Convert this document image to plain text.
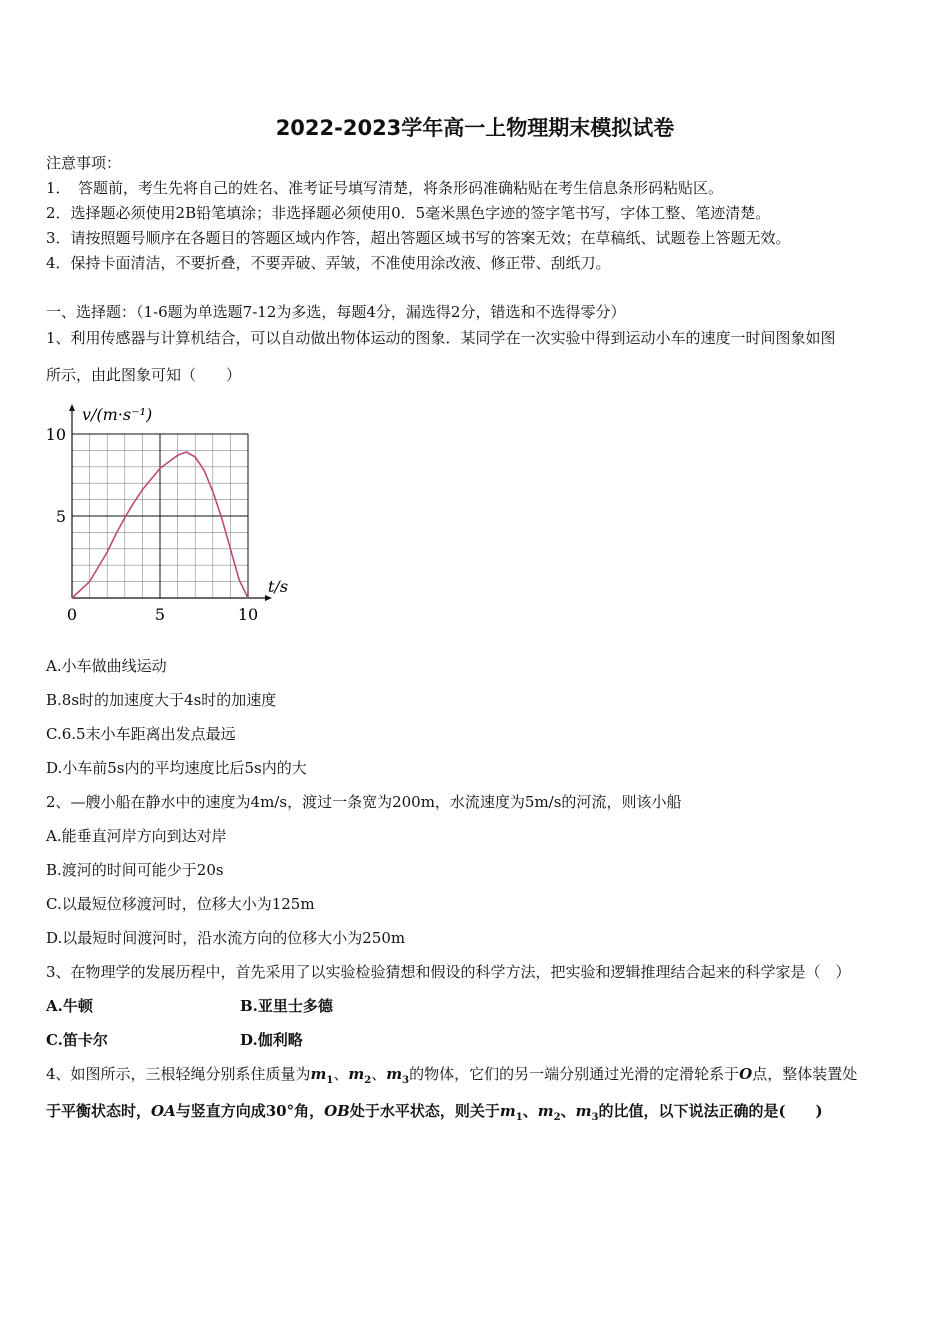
2022-2023学年高一上物理期末模拟试卷
注意事项：
1．　答题前，考生先将自己的姓名、准考证号填写清楚，将条形码准确粘贴在考生信息条形码粘贴区。
2．选择题必须使用2B铅笔填涂；非选择题必须使用0．5毫米黑色字迹的签字笔书写，字体工整、笔迹清楚。
3．请按照题号顺序在各题目的答题区域内作答，超出答题区域书写的答案无效；在草稿纸、试题卷上答题无效。
4．保持卡面清洁，不要折叠，不要弄破、弄皱，不准使用涂改液、修正带、刮纸刀。
一、选择题：（1-6题为单选题7-12为多选，每题4分，漏选得2分，错选和不选得零分）
1、利用传感器与计算机结合，可以自动做出物体运动的图象．某同学在一次实验中得到运动小车的速度一时间图象如图
所示，由此图象可知（　　）
0	5	10
5
10
v/(m·s⁻¹)
t/s
A.小车做曲线运动
B.8s时的加速度大于4s时的加速度
C.6.5末小车距离出发点最远
D.小车前5s内的平均速度比后5s内的大
2、—艘小船在静水中的速度为4m/s，渡过一条宽为200m，水流速度为5m/s的河流，则该小船
A.能垂直河岸方向到达对岸
B.渡河的时间可能少于20s
C.以最短位移渡河时，位移大小为125m
D.以最短时间渡河时，沿水流方向的位移大小为250m
3、在物理学的发展历程中，首先采用了以实验检验猜想和假设的科学方法，把实验和逻辑推理结合起来的科学家是（　）
A.牛顿	B.亚里士多德
C.笛卡尔	D.伽利略
4、如图所示，三根轻绳分别系住质量为$m_1$、$m_2$、$m_3$的物体，它们的另一端分别通过光滑的定滑轮系于O点，整体装置处
于平衡状态时，OA与竖直方向成30°角，OB处于水平状态，则关于$m_1$、$m_2$、$m_3$的比值，以下说法正确的是(　　)
